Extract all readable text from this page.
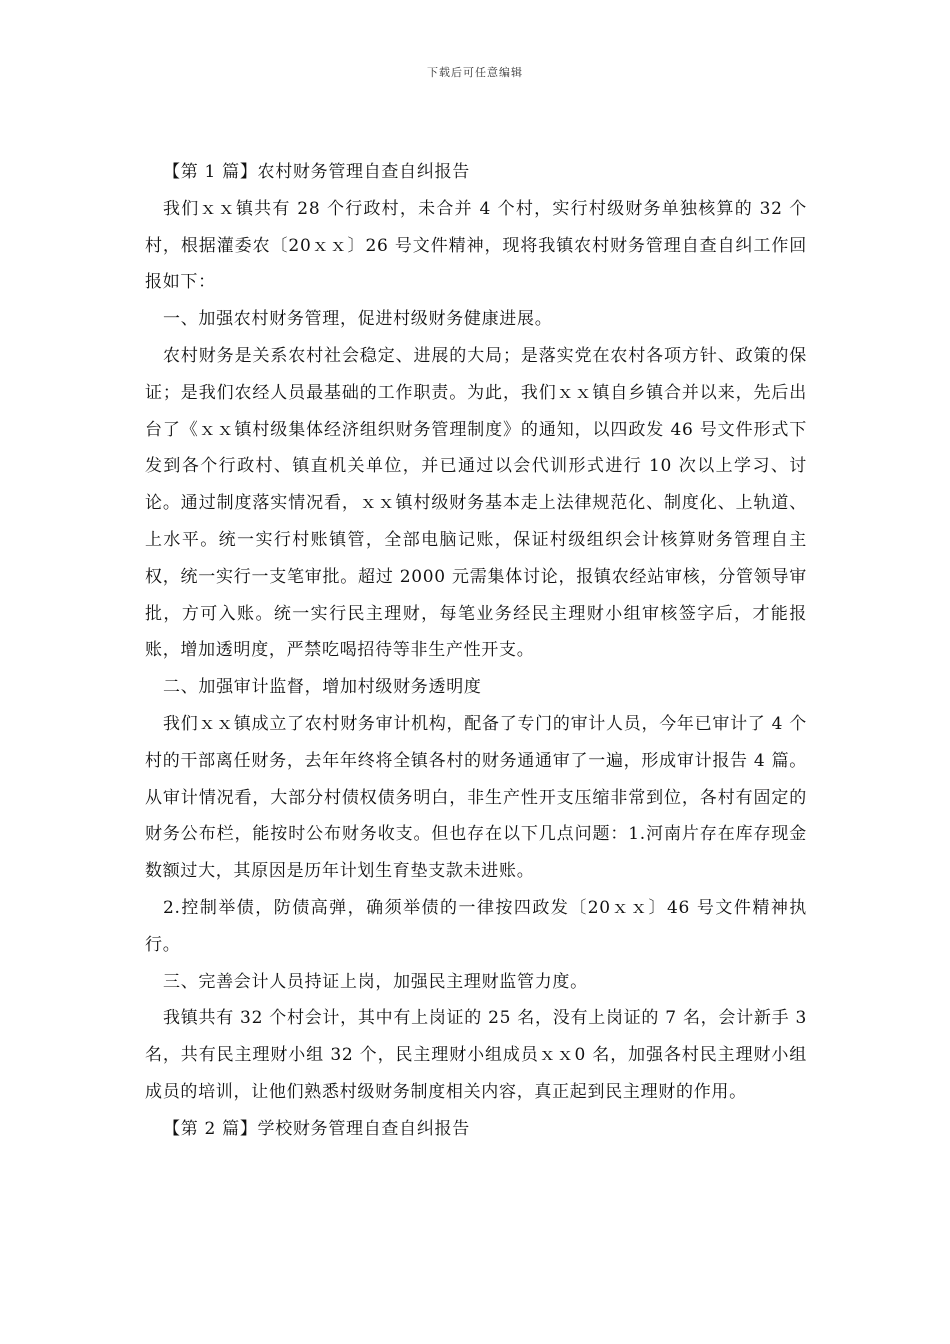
下载后可任意编辑

【第 1 篇】农村财务管理自查自纠报告

我们ｘｘ镇共有 28 个行政村，未合并 4 个村，实行村级财务单独核算的 32 个村，根据灌委农〔20ｘｘ〕26 号文件精神，现将我镇农村财务管理自查自纠工作回报如下：

一、加强农村财务管理，促进村级财务健康进展。

农村财务是关系农村社会稳定、进展的大局；是落实党在农村各项方针、政策的保证；是我们农经人员最基础的工作职责。为此，我们ｘｘ镇自乡镇合并以来，先后出台了《ｘｘ镇村级集体经济组织财务管理制度》的通知，以四政发 46 号文件形式下发到各个行政村、镇直机关单位，并已通过以会代训形式进行 10 次以上学习、讨论。通过制度落实情况看，ｘｘ镇村级财务基本走上法律规范化、制度化、上轨道、上水平。统一实行村账镇管，全部电脑记账，保证村级组织会计核算财务管理自主权，统一实行一支笔审批。超过 2000 元需集体讨论，报镇农经站审核，分管领导审批，方可入账。统一实行民主理财，每笔业务经民主理财小组审核签字后，才能报账，增加透明度，严禁吃喝招待等非生产性开支。

二、加强审计监督，增加村级财务透明度

我们ｘｘ镇成立了农村财务审计机构，配备了专门的审计人员，今年已审计了 4 个村的干部离任财务，去年年终将全镇各村的财务通通审了一遍，形成审计报告 4 篇。从审计情况看，大部分村债权债务明白，非生产性开支压缩非常到位，各村有固定的财务公布栏，能按时公布财务收支。但也存在以下几点问题：1.河南片存在库存现金数额过大，其原因是历年计划生育垫支款未进账。

2.控制举债，防债高弹，确须举债的一律按四政发〔20ｘｘ〕46 号文件精神执行。

三、完善会计人员持证上岗，加强民主理财监管力度。

我镇共有 32 个村会计，其中有上岗证的 25 名，没有上岗证的 7 名，会计新手 3 名，共有民主理财小组 32 个，民主理财小组成员ｘｘ0 名，加强各村民主理财小组成员的培训，让他们熟悉村级财务制度相关内容，真正起到民主理财的作用。

【第 2 篇】学校财务管理自查自纠报告
